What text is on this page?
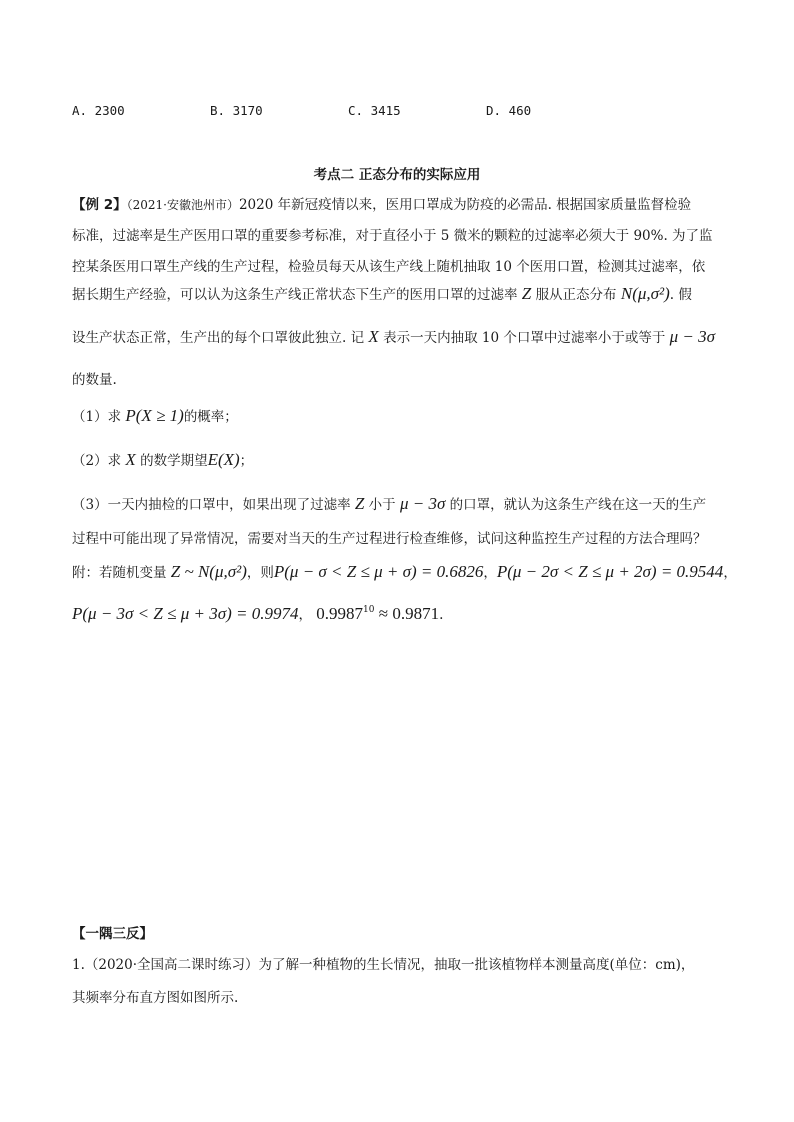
A. 2300	B. 3170	C. 3415	D. 460
考点二 正态分布的实际应用
【例 2】（2021·安徽池州市）2020 年新冠疫情以来，医用口罩成为防疫的必需品. 根据国家质量监督检验
标准，过滤率是生产医用口罩的重要参考标准，对于直径小于 5 微米的颗粒的过滤率必须大于 90%. 为了监
控某条医用口罩生产线的生产过程，检验员每天从该生产线上随机抽取 10 个医用口置，检测其过滤率，依
据长期生产经验，可以认为这条生产线正常状态下生产的医用口罩的过滤率 Z 服从正态分布 N(μ,σ²). 假
设生产状态正常，生产出的每个口罩彼此独立. 记 X 表示一天内抽取 10 个口罩中过滤率小于或等于 μ − 3σ
的数量.
（1）求 P(X ≥ 1)的概率；
（2）求 X 的数学期望E(X)；
（3）一天内抽检的口罩中，如果出现了过滤率 Z 小于 μ − 3σ 的口罩，就认为这条生产线在这一天的生产
过程中可能出现了异常情况，需要对当天的生产过程进行检查维修，试问这种监控生产过程的方法合理吗？
附：若随机变量 Z ~ N(μ,σ²)，则P(μ − σ < Z ≤ μ + σ) = 0.6826，P(μ − 2σ < Z ≤ μ + 2σ) = 0.9544，
P(μ − 3σ < Z ≤ μ + 3σ) = 0.9974， $0.9987^{10} \approx 0.9871$.
【一隅三反】
1.（2020·全国高二课时练习）为了解一种植物的生长情况，抽取一批该植物样本测量高度(单位：cm)，
其频率分布直方图如图所示.
